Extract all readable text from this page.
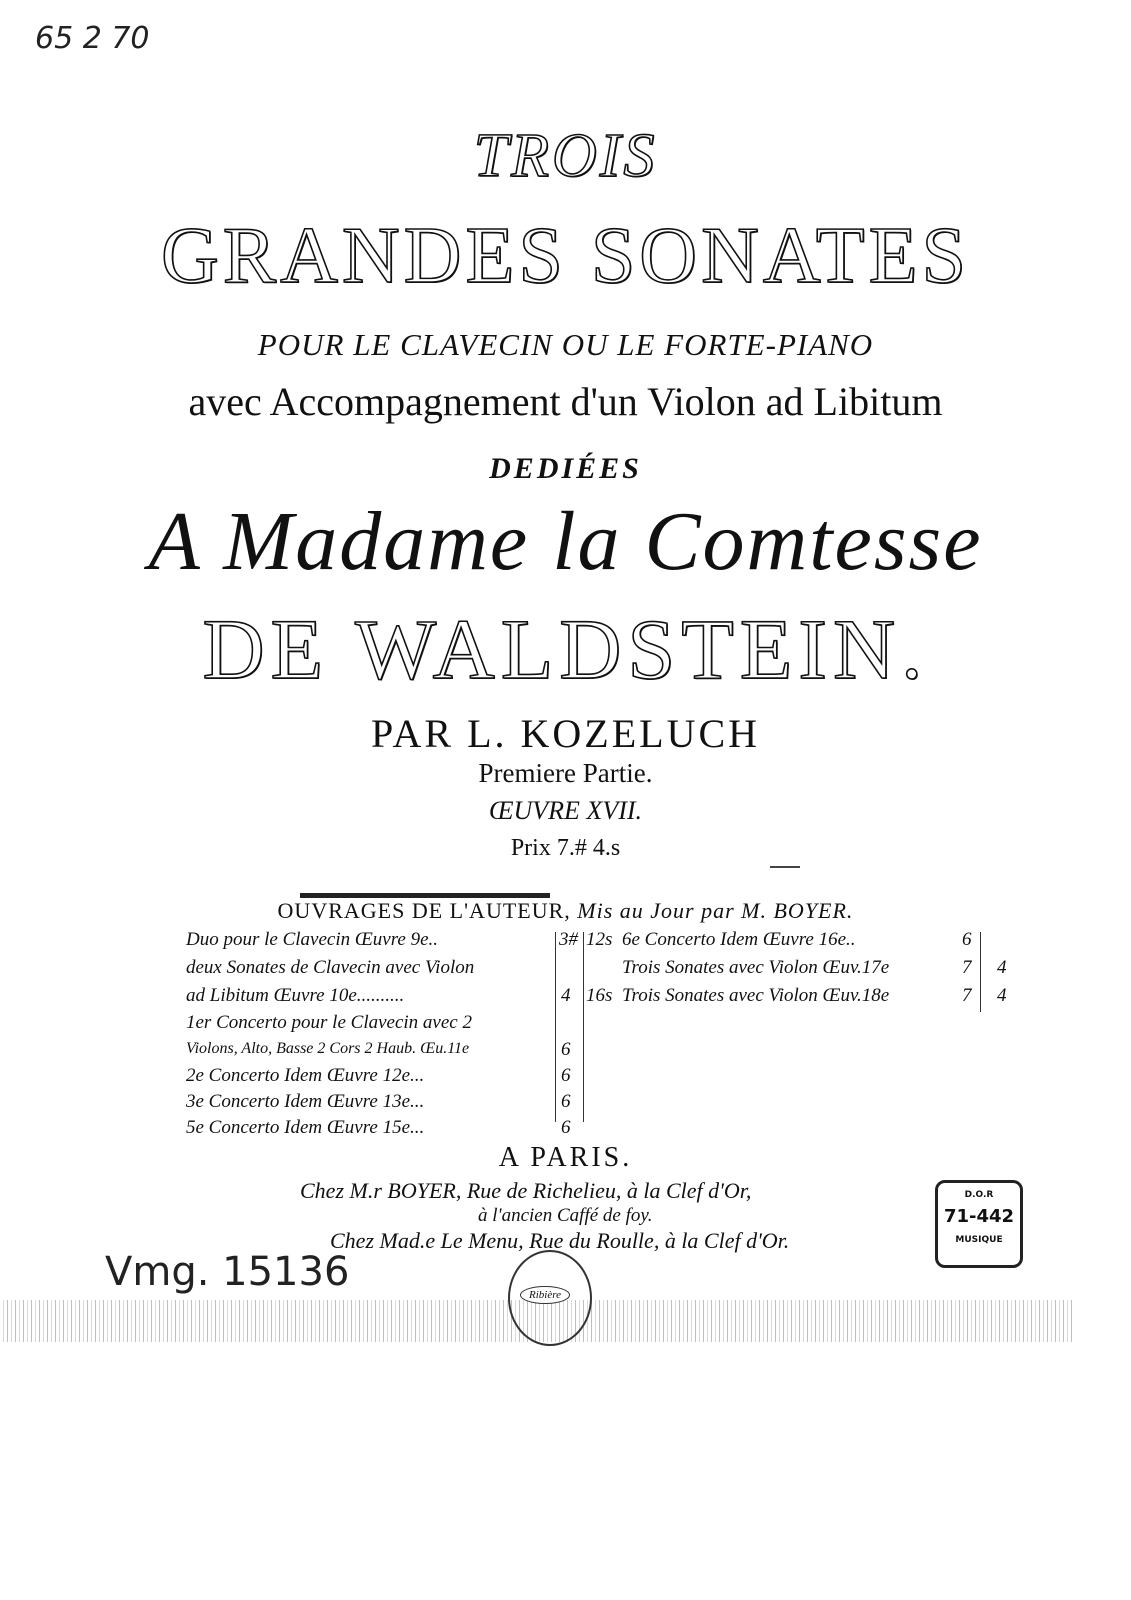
65 2 70
TROIS
GRANDES SONATES
POUR LE CLAVECIN OU LE FORTE-PIANO
avec Accompagnement d'un Violon ad Libitum
DEDIÉES
A Madame la Comtesse
DE WALDSTEIN.
PAR L. KOZELUCH
Premiere Partie.
ŒUVRE XVII.
Prix 7.# 4.s
OUVRAGES DE L'AUTEUR, Mis au Jour par M. BOYER.
Duo pour le Clavecin Œuvre 9e..	3# 12s
deux Sonates de Clavecin avec Violon
ad Libitum Œuvre 10e..........	4 16s
1er Concerto pour le Clavecin avec 2
Violons, Alto, Basse 2 Cors 2 Haub. Œu.11e	6
2e Concerto Idem Œuvre 12e...	6
3e Concerto Idem Œuvre 13e...	6
5e Concerto Idem Œuvre 15e...	6
6e Concerto Idem Œuvre 16e..	6
Trois Sonates avec Violon Œuv.17e	7 4
Trois Sonates avec Violon Œuv.18e	7 4
A PARIS.
Chez M.r BOYER, Rue de Richelieu, à la Clef d'Or,
à l'ancien Caffé de foy.
Chez Mad.e Le Menu, Rue du Roulle, à la Clef d'Or.
Vmg. 15136	Ribière
D.O.R
71-442
MUSIQUE
